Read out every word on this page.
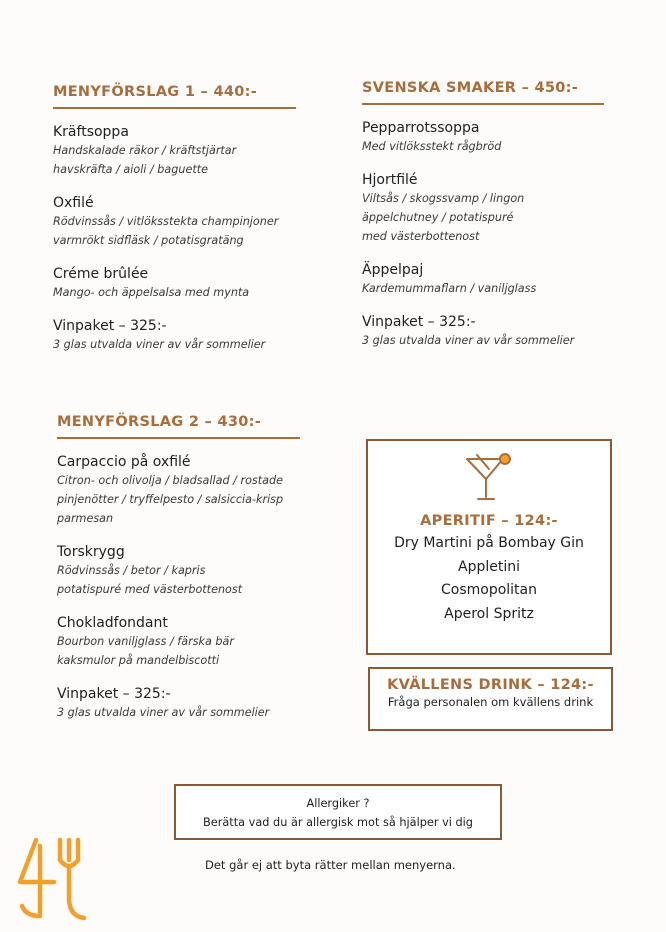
MENYFÖRSLAG 1 – 440:-
Kräftsoppa
Handskalade räkor / kräftstjärtar
havskräfta / aioli / baguette
Oxfilé
Rödvinssås / vitlöksstekta champinjoner
varmrökt sidfläsk / potatisgratäng
Créme brûlée
Mango- och äppelsalsa med mynta
Vinpaket – 325:-
3 glas utvalda viner av vår sommelier
SVENSKA SMAKER – 450:-
Pepparrotssoppa
Med vitlöksstekt rågbröd
Hjortfilé
Viltsås / skogssvamp / lingon
äppelchutney / potatispuré
med västerbottenost
Äppelpaj
Kardemummaflarn / vaniljglass
Vinpaket – 325:-
3 glas utvalda viner av vår sommelier
MENYFÖRSLAG 2 – 430:-
Carpaccio på oxfilé
Citron- och olivolja / bladsallad / rostade
pinjenötter / tryffelpesto / salsiccia-krisp
parmesan
Torskrygg
Rödvinssås / betor / kapris
potatispuré med västerbottenost
Chokladfondant
Bourbon vaniljglass / färska bär
kaksmulor på mandelbiscotti
Vinpaket – 325:-
3 glas utvalda viner av vår sommelier
APERITIF – 124:-
Dry Martini på Bombay Gin
Appletini
Cosmopolitan
Aperol Spritz
KVÄLLENS DRINK – 124:-
Fråga personalen om kvällens drink
Allergiker ?
Berätta vad du är allergisk mot så hjälper vi dig
Det går ej att byta rätter mellan menyerna.
